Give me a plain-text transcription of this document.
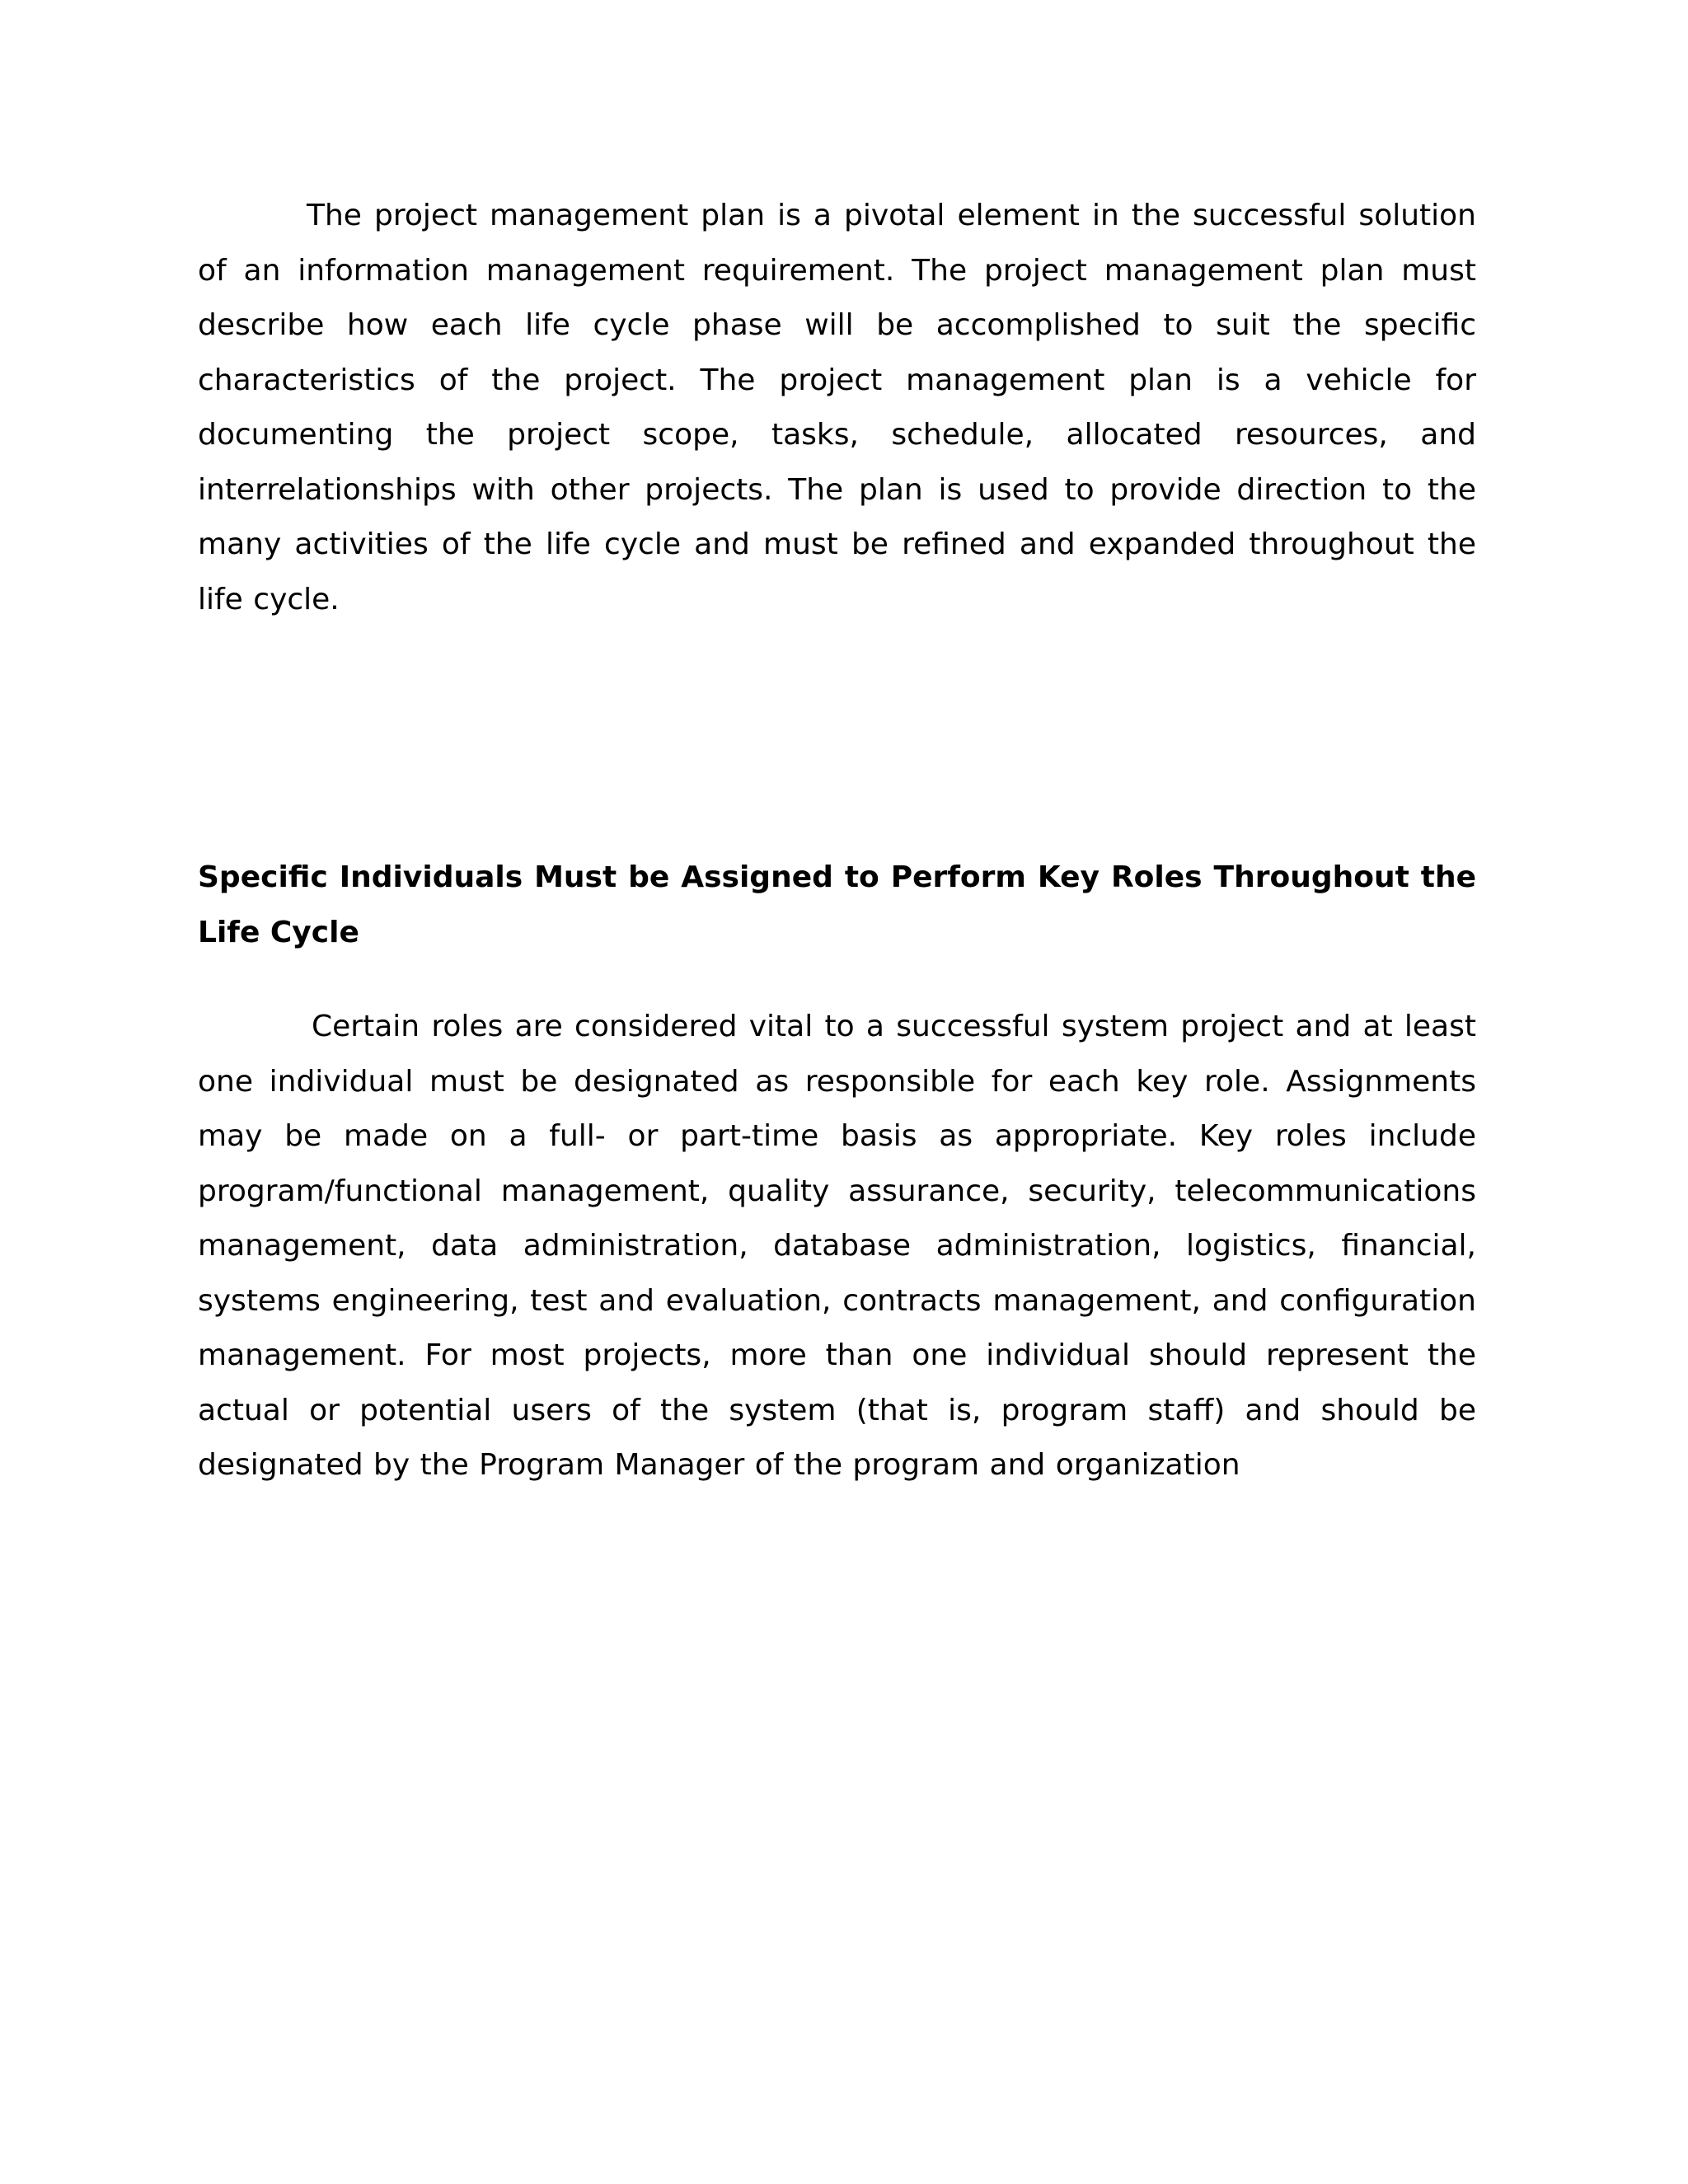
The project management plan is a pivotal element in the successful solution of an information management requirement. The project management plan must describe how each life cycle phase will be accomplished to suit the specific characteristics of the project. The project management plan is a vehicle for documenting the project scope, tasks, schedule, allocated resources, and interrelationships with other projects. The plan is used to provide direction to the many activities of the life cycle and must be refined and expanded throughout the life cycle.

Specific Individuals Must be Assigned to Perform Key Roles Throughout the Life Cycle

Certain roles are considered vital to a successful system project and at least one individual must be designated as responsible for each key role. Assignments may be made on a full- or part-time basis as appropriate. Key roles include program/functional management, quality assurance, security, telecommunications management, data administration, database administration, logistics, financial, systems engineering, test and evaluation, contracts management, and configuration management. For most projects, more than one individual should represent the actual or potential users of the system (that is, program staff) and should be designated by the Program Manager of the program and organization
